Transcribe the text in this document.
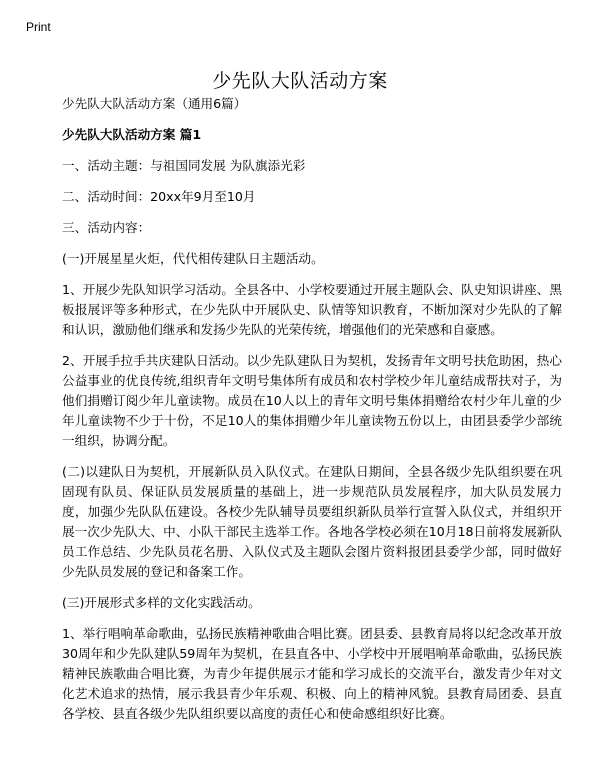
Print
少先队大队活动方案

少先队大队活动方案（通用6篇）

少先队大队活动方案 篇1

一、活动主题：与祖国同发展 为队旗添光彩

二、活动时间：20xx年9月至10月

三、活动内容：

(一)开展星星火炬，代代相传建队日主题活动。

1、开展少先队知识学习活动。全县各中、小学校要通过开展主题队会、队史知识讲座、黑板报展评等多种形式，在少先队中开展队史、队情等知识教育，不断加深对少先队的了解和认识，激励他们继承和发扬少先队的光荣传统，增强他们的光荣感和自豪感。

2、开展手拉手共庆建队日活动。以少先队建队日为契机，发扬青年文明号扶危助困，热心公益事业的优良传统,组织青年文明号集体所有成员和农村学校少年儿童结成帮扶对子，为他们捐赠订阅少年儿童读物。成员在10人以上的青年文明号集体捐赠给农村少年儿童的少年儿童读物不少于十份，不足10人的集体捐赠少年儿童读物五份以上，由团县委学少部统一组织，协调分配。

(二)以建队日为契机，开展新队员入队仪式。在建队日期间，全县各级少先队组织要在巩固现有队员、保证队员发展质量的基础上，进一步规范队员发展程序，加大队员发展力度，加强少先队队伍建设。各校少先队辅导员要组织新队员举行宣誓入队仪式，并组织开展一次少先队大、中、小队干部民主选举工作。各地各学校必须在10月18日前将发展新队员工作总结、少先队员花名册、入队仪式及主题队会图片资料报团县委学少部，同时做好少先队员发展的登记和备案工作。

(三)开展形式多样的文化实践活动。

1、举行唱响革命歌曲，弘扬民族精神歌曲合唱比赛。团县委、县教育局将以纪念改革开放30周年和少先队建队59周年为契机，在县直各中、小学校中开展唱响革命歌曲，弘扬民族精神民族歌曲合唱比赛，为青少年提供展示才能和学习成长的交流平台，激发青少年对文化艺术追求的热情，展示我县青少年乐观、积极、向上的精神风貌。县教育局团委、县直各学校、县直各级少先队组织要以高度的责任心和使命感组织好比赛。
